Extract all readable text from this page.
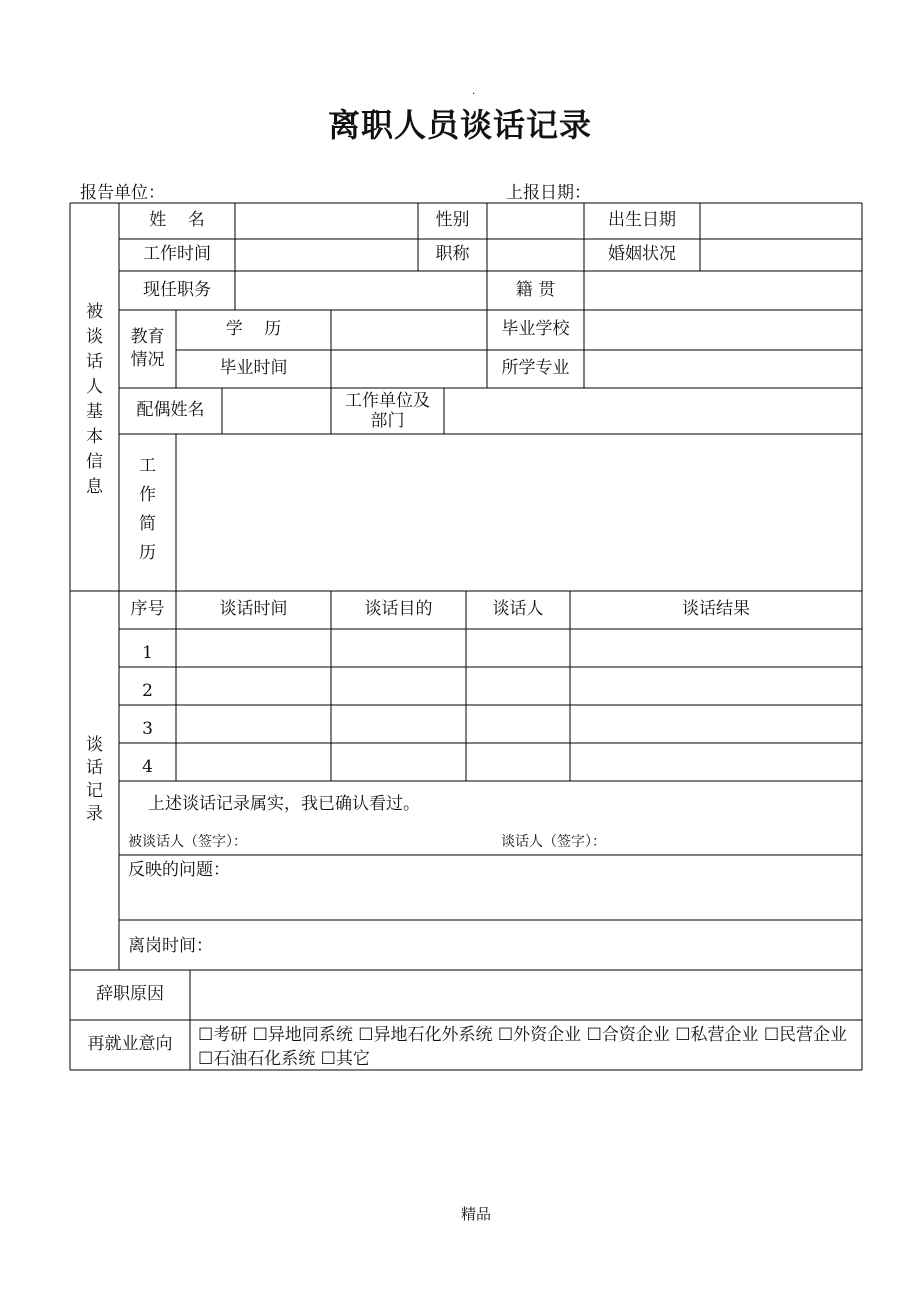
.
离职人员谈话记录
报告单位：	上报日期：
被
谈
话
人
基
本
信
息
姓    名	性别	出生日期
工作时间	职称	婚姻状况
现任职务	籍 贯
教育
情况
学    历	毕业学校
毕业时间	所学专业
配偶姓名	工作单位及
部门
工
作
简
历
谈
话
记
录
序号	谈话时间	谈话目的	谈话人	谈话结果
1
2
3
4
上述谈话记录属实，我已确认看过。
被谈话人（签字）：	谈话人（签字）：
反映的问题：
离岗时间：
辞职原因
再就业意向	☐考研 ☐异地同系统 ☐异地石化外系统 ☐外资企业 ☐合资企业 ☐私营企业 ☐民营企业 ☐石油石化系统 ☐其它
精品
